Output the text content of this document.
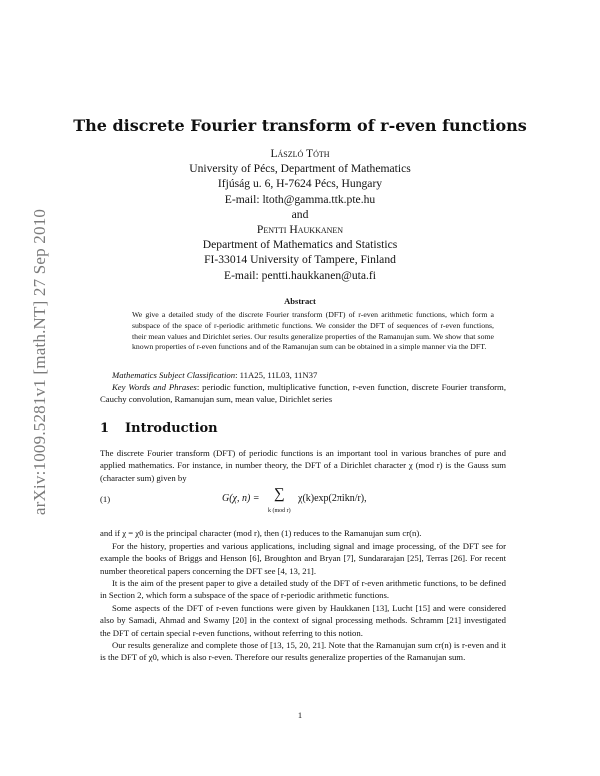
arXiv:1009.5281v1 [math.NT] 27 Sep 2010
The discrete Fourier transform of r-even functions
László Tóth
University of Pécs, Department of Mathematics
Ifjúság u. 6, H-7624 Pécs, Hungary
E-mail: ltoth@gamma.ttk.pte.hu
and
Pentti Haukkanen
Department of Mathematics and Statistics
FI-33014 University of Tampere, Finland
E-mail: pentti.haukkanen@uta.fi
Abstract
We give a detailed study of the discrete Fourier transform (DFT) of r-even arithmetic functions, which form a subspace of the space of r-periodic arithmetic functions. We consider the DFT of sequences of r-even functions, their mean values and Dirichlet series. Our results generalize properties of the Ramanujan sum. We show that some known properties of r-even functions and of the Ramanujan sum can be obtained in a simple manner via the DFT.
Mathematics Subject Classification: 11A25, 11L03, 11N37
Key Words and Phrases: periodic function, multiplicative function, r-even function, discrete Fourier transform, Cauchy convolution, Ramanujan sum, mean value, Dirichlet series
1 Introduction

The discrete Fourier transform (DFT) of periodic functions is an important tool in various branches of pure and applied mathematics. For instance, in number theory, the DFT of a Dirichlet character χ (mod r) is the Gauss sum (character sum) given by

(1)	G(χ, n) = ∑
k (mod r)
χ(k)exp(2πikn/r),

and if χ = χ0 is the principal character (mod r), then (1) reduces to the Ramanujan sum cr(n).

For the history, properties and various applications, including signal and image processing, of the DFT see for example the books of Briggs and Henson [6], Broughton and Bryan [7], Sundararajan [25], Terras [26]. For recent number theoretical papers concerning the DFT see [4, 13, 21].

It is the aim of the present paper to give a detailed study of the DFT of r-even arithmetic functions, to be defined in Section 2, which form a subspace of the space of r-periodic arithmetic functions.

Some aspects of the DFT of r-even functions were given by Haukkanen [13], Lucht [15] and were considered also by Samadi, Ahmad and Swamy [20] in the context of signal processing methods. Schramm [21] investigated the DFT of certain special r-even functions, without referring to this notion.

Our results generalize and complete those of [13, 15, 20, 21]. Note that the Ramanujan sum cr(n) is r-even and it is the DFT of χ0, which is also r-even. Therefore our results generalize properties of the Ramanujan sum.

1
